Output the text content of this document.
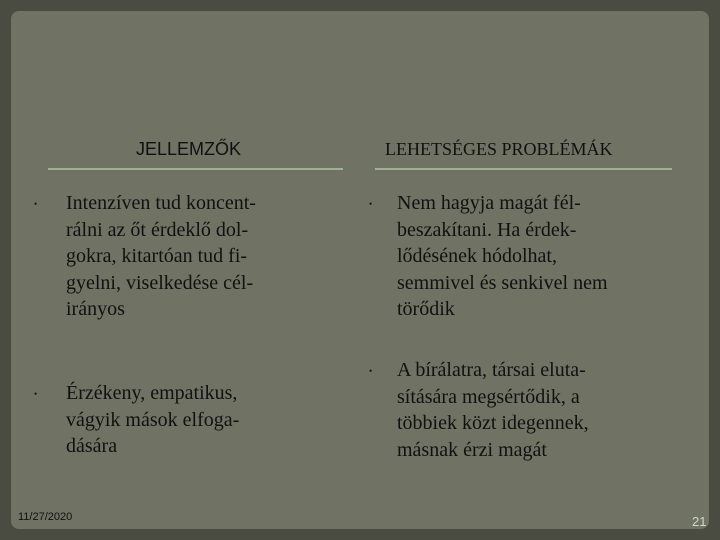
JELLEMZŐK	LEHETSÉGES PROBLÉMÁK
• Intenzíven tud koncent-
rálni az őt érdeklő dol-
gokra, kitartóan tud fi-
gyelni, viselkedése cél-
irányos
• Érzékeny, empatikus,
vágyik mások elfoga-
dására
• Nem hagyja magát fél-
beszakítani. Ha érdek-
lődésének hódolhat,
semmivel és senkivel nem
törődik
• A bírálatra, társai eluta-
sítására megsértődik, a
többiek közt idegennek,
másnak érzi magát
11/27/2020	21
